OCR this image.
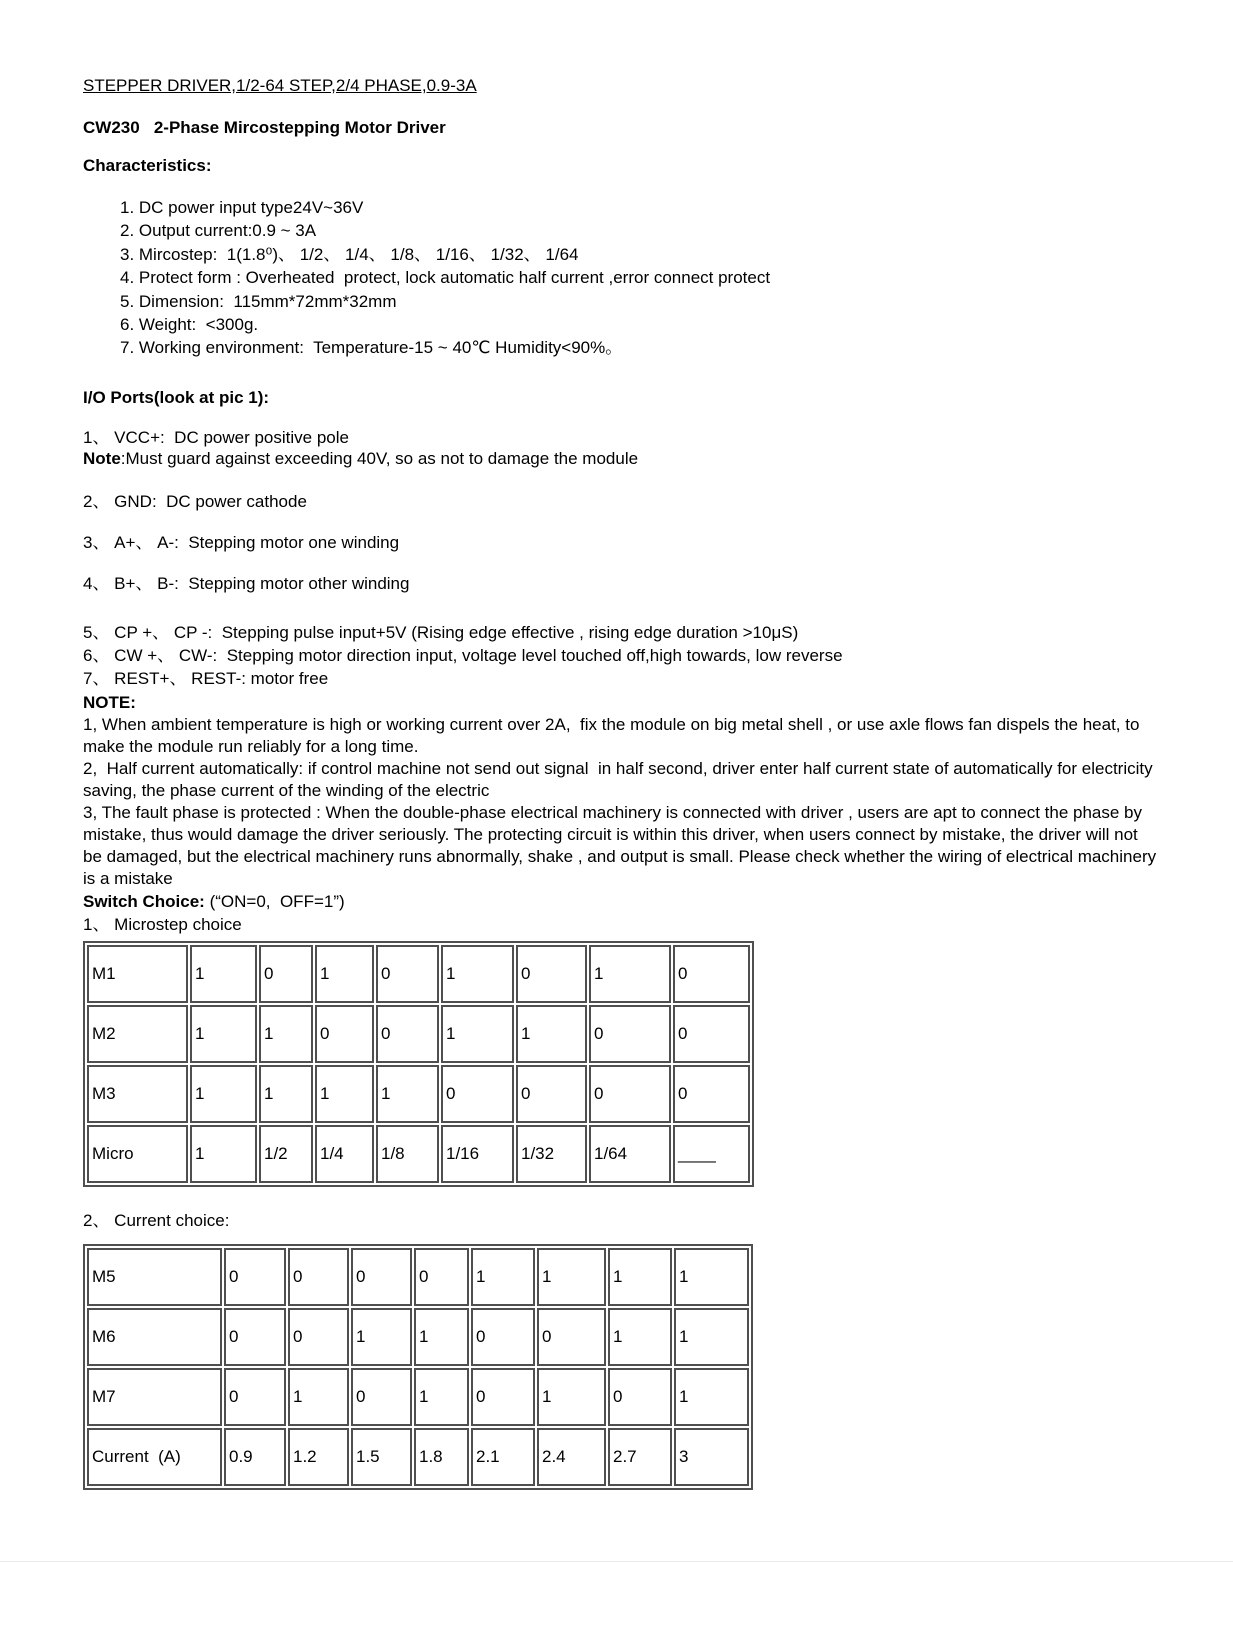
STEPPER DRIVER,1/2-64 STEP,2/4 PHASE,0.9-3A
CW230   2-Phase Mircostepping Motor Driver
Characteristics:
1. DC power input type24V~36V
2. Output current:0.9 ~ 3A
3. Mircostep:  1(1.8⁰)、 1/2、 1/4、 1/8、 1/16、 1/32、 1/64
4. Protect form : Overheated  protect, lock automatic half current ,error connect protect
5. Dimension:  115mm*72mm*32mm
6. Weight:  <300g.
7. Working environment:  Temperature-15 ~ 40℃ Humidity<90%。
I/O Ports(look at pic 1):
1、 VCC+:  DC power positive pole
Note:Must guard against exceeding 40V, so as not to damage the module
2、 GND:  DC power cathode
3、 A+、 A-:  Stepping motor one winding
4、 B+、 B-:  Stepping motor other winding
5、 CP +、 CP -:  Stepping pulse input+5V (Rising edge effective , rising edge duration >10μS)
6、 CW +、 CW-:  Stepping motor direction input, voltage level touched off,high towards, low reverse
7、 REST+、 REST-: motor free
NOTE:
1, When ambient temperature is high or working current over 2A,  fix the module on big metal shell , or use axle flows fan dispels the heat, to make the module run reliably for a long time.
2,  Half current automatically: if control machine not send out signal  in half second, driver enter half current state of automatically for electricity saving, the phase current of the winding of the electric
3, The fault phase is protected : When the double-phase electrical machinery is connected with driver , users are apt to connect the phase by mistake, thus would damage the driver seriously. The protecting circuit is within this driver, when users connect by mistake, the driver will not be damaged, but the electrical machinery runs abnormally, shake , and output is small. Please check whether the wiring of electrical machinery is a mistake
Switch Choice: (“ON=0,  OFF=1”)
1、 Microstep choice
M1	1	0	1	0	1	0	1	0
M2	1	1	0	0	1	1	0	0
M3	1	1	1	1	0	0	0	0
Micro	1	1/2	1/4	1/8	1/16	1/32	1/64	____
2、 Current choice:
M5	0	0	0	0	1	1	1	1
M6	0	0	1	1	0	0	1	1
M7	0	1	0	1	0	1	0	1
Current  (A)	0.9	1.2	1.5	1.8	2.1	2.4	2.7	3
